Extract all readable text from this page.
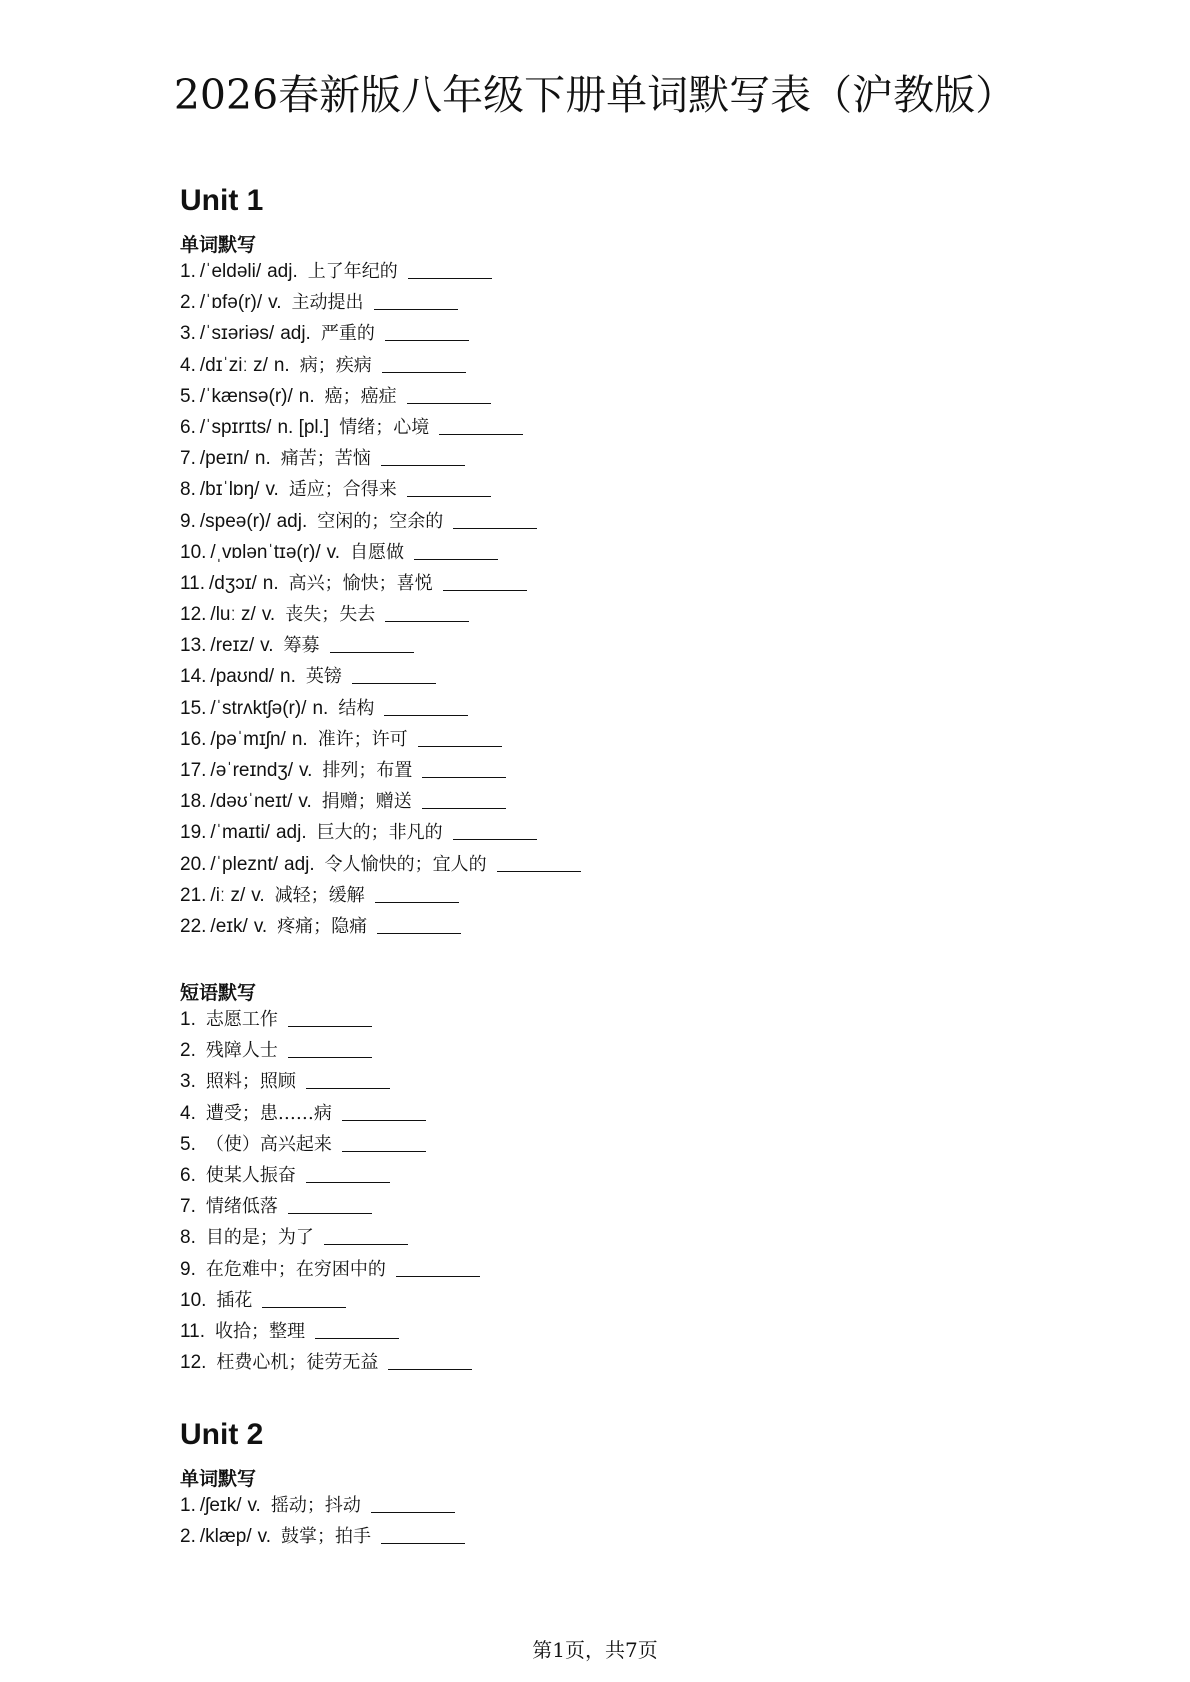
2026春新版八年级下册单词默写表（沪教版）
Unit 1
单词默写
1. /ˈeldəli/ adj. 上了年纪的
2. /ˈɒfə(r)/ v. 主动提出
3. /ˈsɪəriəs/ adj. 严重的
4. /dɪˈziː z/ n. 病；疾病
5. /ˈkænsə(r)/ n. 癌；癌症
6. /ˈspɪrɪts/ n. [pl.] 情绪；心境
7. /peɪn/ n. 痛苦；苦恼
8. /bɪˈlɒŋ/ v. 适应；合得来
9. /speə(r)/ adj. 空闲的；空余的
10. /ˌvɒlənˈtɪə(r)/ v. 自愿做
11. /dʒɔɪ/ n. 高兴；愉快；喜悦
12. /luː z/ v. 丧失；失去
13. /reɪz/ v. 筹募
14. /paʊnd/ n. 英镑
15. /ˈstrʌktʃə(r)/ n. 结构
16. /pəˈmɪʃn/ n. 准许；许可
17. /əˈreɪndʒ/ v. 排列；布置
18. /dəʊˈneɪt/ v. 捐赠；赠送
19. /ˈmaɪti/ adj. 巨大的；非凡的
20. /ˈpleznt/ adj. 令人愉快的；宜人的
21. /iː z/ v. 减轻；缓解
22. /eɪk/ v. 疼痛；隐痛
短语默写
1. 志愿工作
2. 残障人士
3. 照料；照顾
4. 遭受；患……病
5. （使）高兴起来
6. 使某人振奋
7. 情绪低落
8. 目的是；为了
9. 在危难中；在穷困中的
10. 插花
11. 收拾；整理
12. 枉费心机；徒劳无益
Unit 2
单词默写
1. /ʃeɪk/ v. 摇动；抖动
2. /klæp/ v. 鼓掌；拍手
第1页，共7页
